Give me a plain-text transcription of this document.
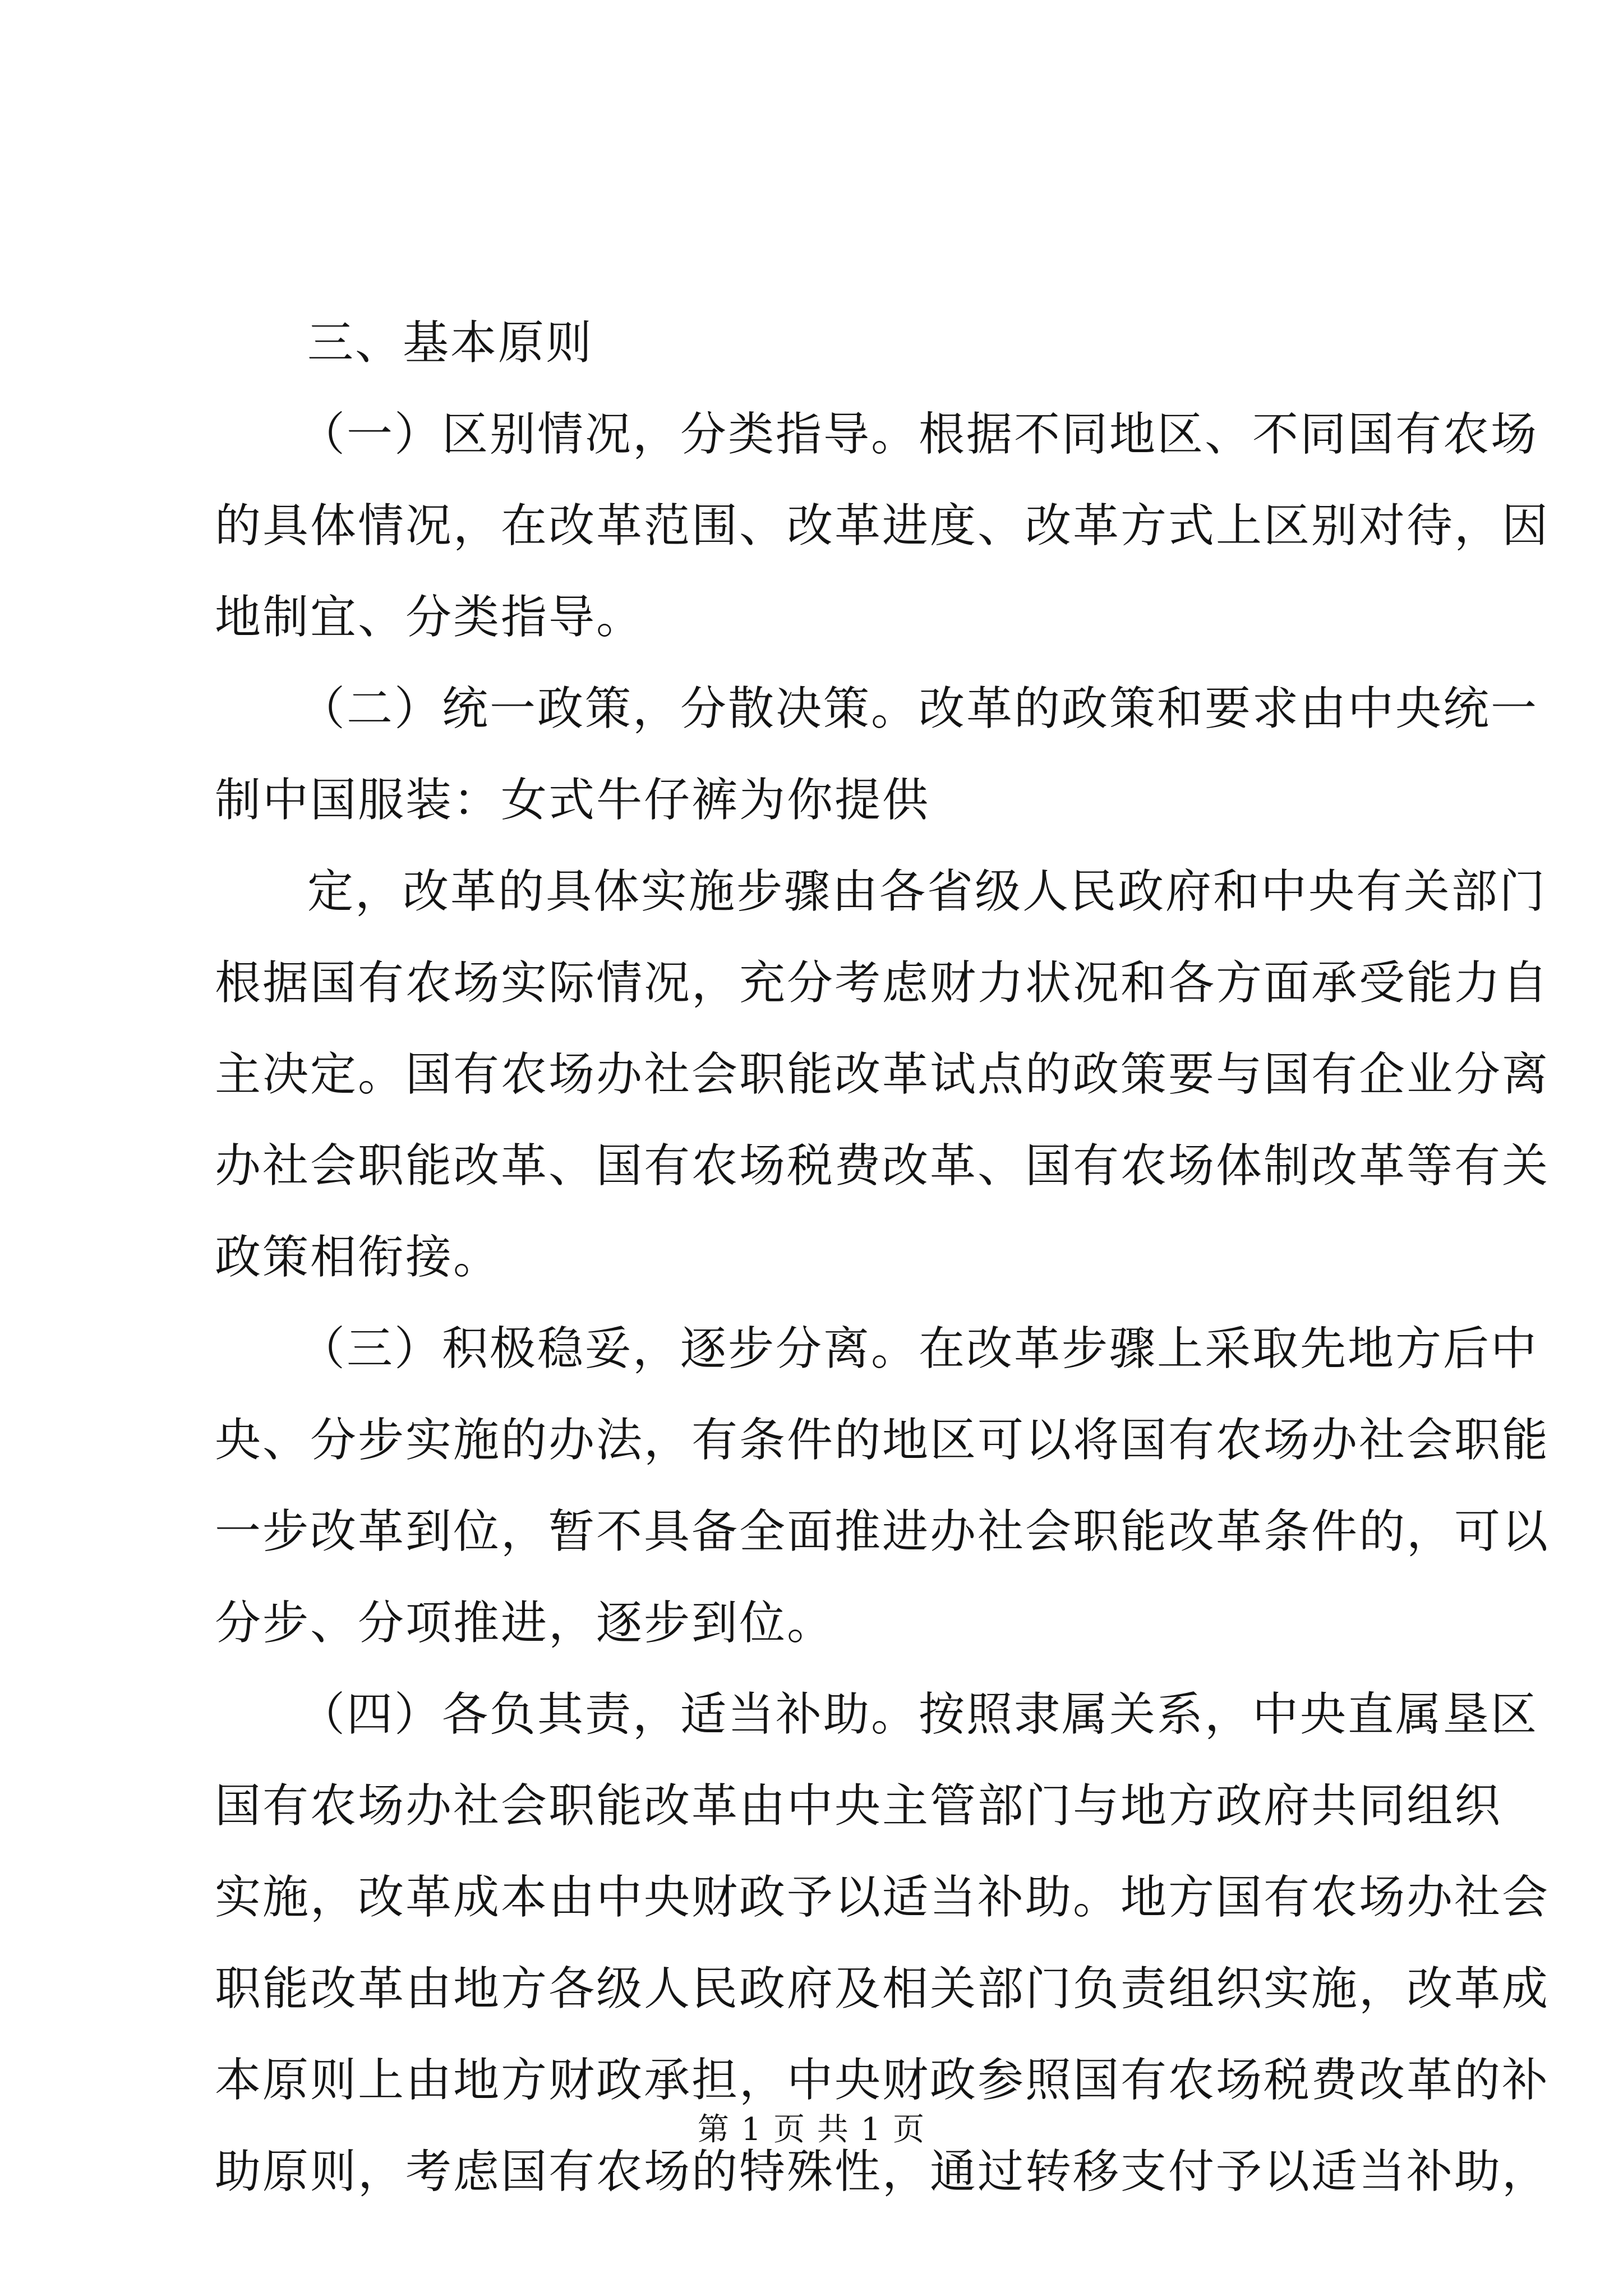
三、基本原则
（一）区别情况，分类指导。根据不同地区、不同国有农场
的具体情况，在改革范围、改革进度、改革方式上区别对待，因
地制宜、分类指导。
（二）统一政策，分散决策。改革的政策和要求由中央统一
制中国服装：女式牛仔裤为你提供
定，改革的具体实施步骤由各省级人民政府和中央有关部门
根据国有农场实际情况，充分考虑财力状况和各方面承受能力自
主决定。国有农场办社会职能改革试点的政策要与国有企业分离
办社会职能改革、国有农场税费改革、国有农场体制改革等有关
政策相衔接。
（三）积极稳妥，逐步分离。在改革步骤上采取先地方后中
央、分步实施的办法，有条件的地区可以将国有农场办社会职能
一步改革到位，暂不具备全面推进办社会职能改革条件的，可以
分步、分项推进，逐步到位。
（四）各负其责，适当补助。按照隶属关系，中央直属垦区
国有农场办社会职能改革由中央主管部门与地方政府共同组织
实施，改革成本由中央财政予以适当补助。地方国有农场办社会
职能改革由地方各级人民政府及相关部门负责组织实施，改革成
本原则上由地方财政承担，中央财政参照国有农场税费改革的补
助原则，考虑国有农场的特殊性，通过转移支付予以适当补助，
第 1 页 共 1 页
